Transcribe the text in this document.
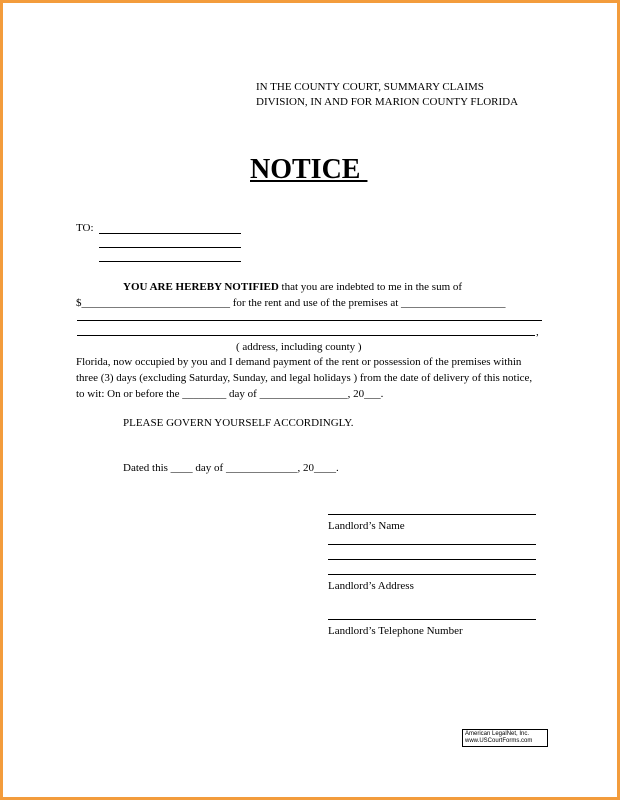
IN THE COUNTY COURT, SUMMARY CLAIMS

DIVISION, IN AND FOR MARION COUNTY FLORIDA

NOTICE

TO:

YOU ARE HEREBY NOTIFIED that you are indebted to me in the sum of

$___________________________ for the rent and use of the premises at ___________________

,

( address, including county )

Florida, now occupied by you and I demand payment of the rent or possession of the premises within

three (3) days (excluding Saturday, Sunday, and legal holidays ) from the date of delivery of this notice,

to wit: On or before the ________ day of ________________, 20___.

PLEASE GOVERN YOURSELF ACCORDINGLY.

Dated this ____ day of _____________, 20____.

Landlord’s Name

Landlord’s Address

Landlord’s Telephone Number

American LegalNet, Inc.
www.USCourtForms.com
